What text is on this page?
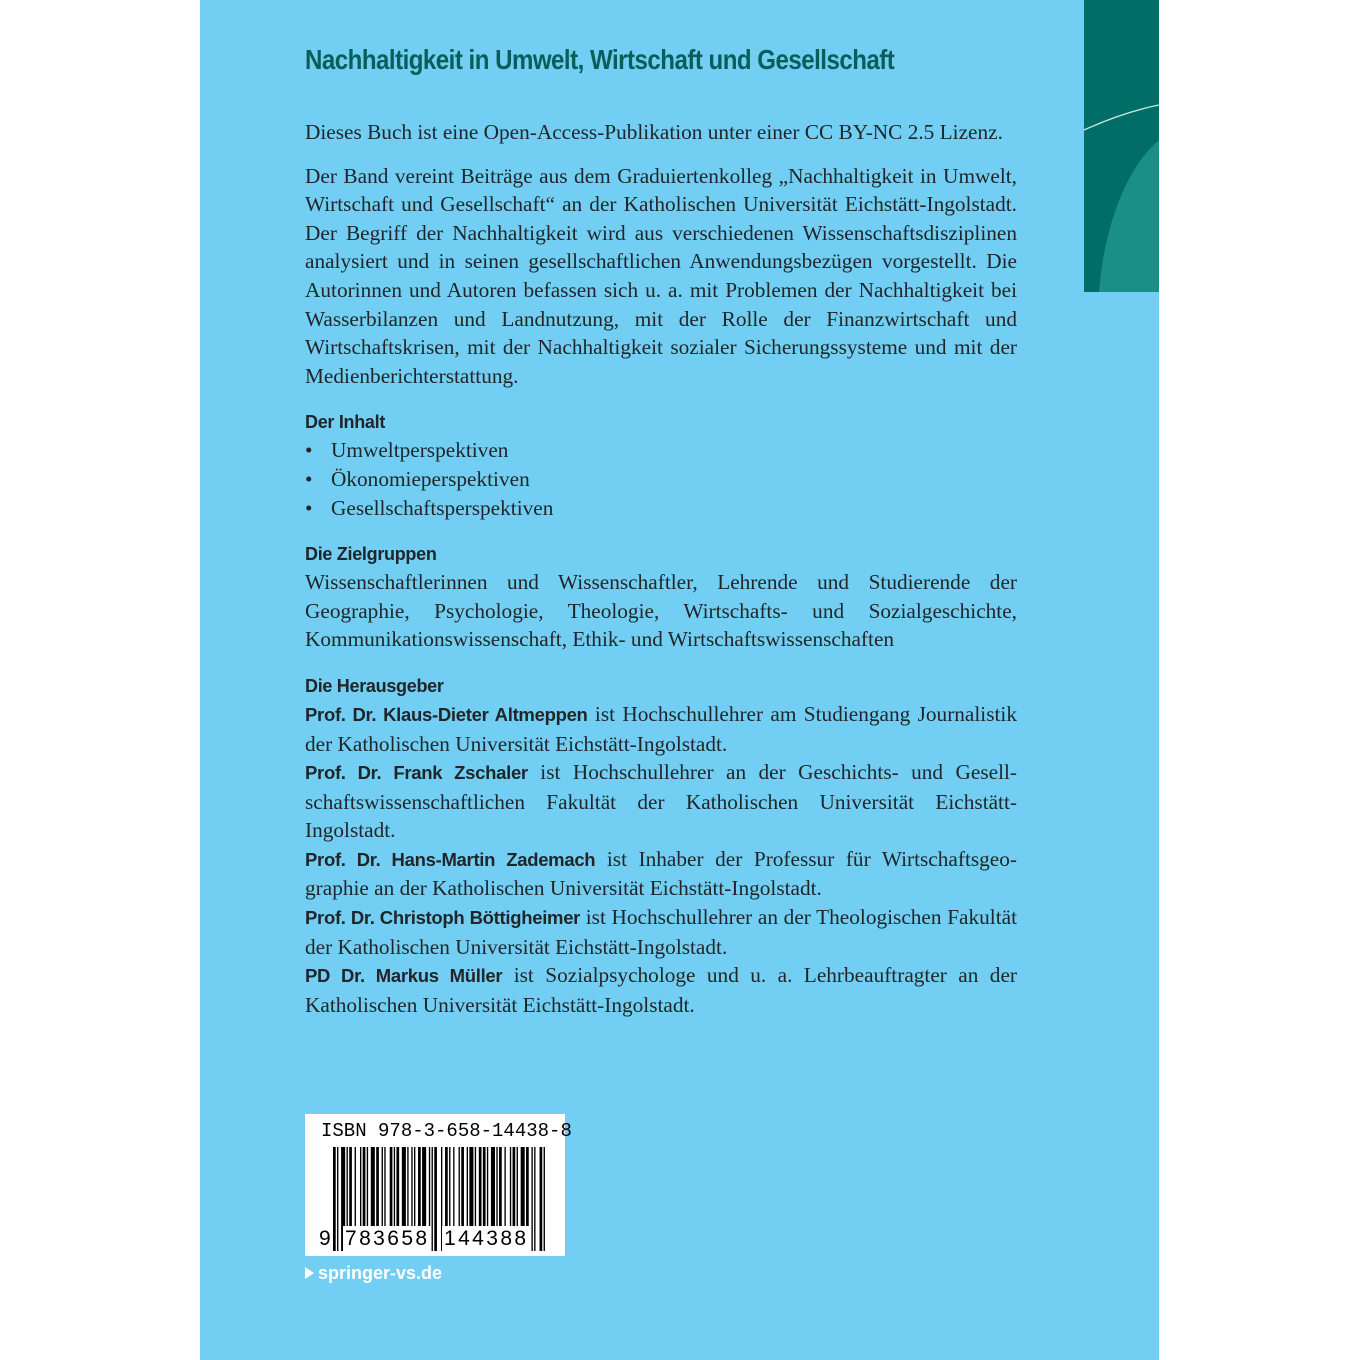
Nachhaltigkeit in Umwelt, Wirtschaft und Gesellschaft

Dieses Buch ist eine Open-Access-Publikation unter einer CC BY-NC 2.5 Lizenz.

Der Band vereint Beiträge aus dem Graduiertenkolleg „Nachhaltigkeit in Umwelt, Wirtschaft und Gesellschaft“ an der Katholischen Universität Eichstätt-Ingolstadt. Der Begriff der Nachhaltigkeit wird aus verschiedenen Wissenschaftsdisziplinen analysiert und in seinen gesellschaftlichen Anwendungsbezügen vorgestellt. Die Autorinnen und Autoren befassen sich u. a. mit Problemen der Nachhaltigkeit bei Wasserbilanzen und Landnutzung, mit der Rolle der Finanzwirtschaft und Wirtschaftskrisen, mit der Nachhaltigkeit sozialer Sicherungssysteme und mit der Medienberichterstattung.

Der Inhalt
• Umweltperspektiven
• Ökonomieperspektiven
• Gesellschaftsperspektiven
Die Zielgruppen

Wissenschaftlerinnen und Wissenschaftler, Lehrende und Studierende der Geographie, Psychologie, Theologie, Wirtschafts- und Sozialgeschichte, Kommunikationswissenschaft, Ethik- und Wirtschaftswissenschaften

Die Herausgeber

Prof. Dr. Klaus-Dieter Altmeppen ist Hochschullehrer am Studiengang Journalistik der Katholischen Universität Eichstätt-Ingolstadt.

Prof. Dr. Frank Zschaler ist Hochschullehrer an der Geschichts- und Gesellschaftswissenschaftlichen Fakultät der Katholischen Universität Eichstätt-Ingolstadt.

Prof. Dr. Hans-Martin Zademach ist Inhaber der Professur für Wirtschaftsgeographie an der Katholischen Universität Eichstätt-Ingolstadt.

Prof. Dr. Christoph Böttigheimer ist Hochschullehrer an der Theologischen Fakultät der Katholischen Universität Eichstätt-Ingolstadt.

PD Dr. Markus Müller ist Sozialpsychologe und u. a. Lehrbeauftragter an der Katholischen Universität Eichstätt-Ingolstadt.

ISBN 978-3-658-14438-8
9 783658 144388
springer-vs.de
